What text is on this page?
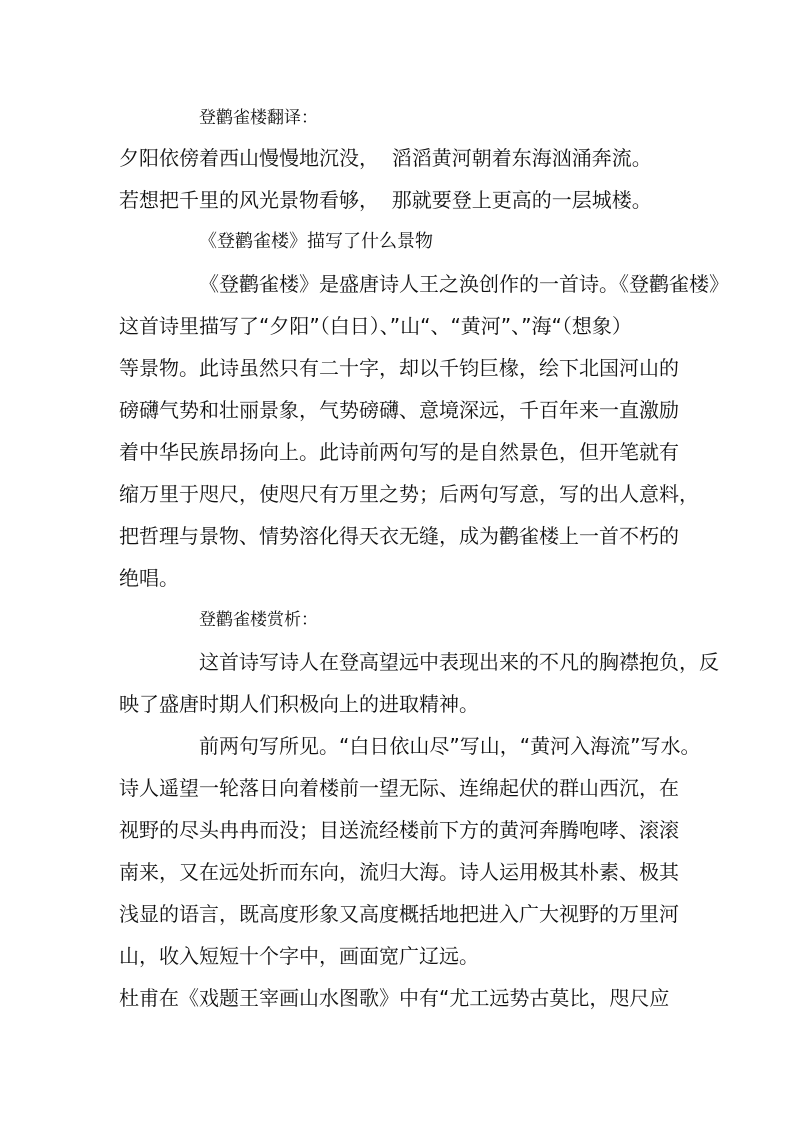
登鹳雀楼翻译：

夕阳依傍着西山慢慢地沉没，  滔滔黄河朝着东海汹涌奔流。

若想把千里的风光景物看够，  那就要登上更高的一层城楼。

《登鹳雀楼》描写了什么景物

《登鹳雀楼》是盛唐诗人王之涣创作的一首诗。《登鹳雀楼》

这首诗里描写了“夕阳”（白日）、”山“、“黄河”、”海“（想象）

等景物。此诗虽然只有二十字，却以千钧巨椽，绘下北国河山的

磅礴气势和壮丽景象，气势磅礴、意境深远，千百年来一直激励

着中华民族昂扬向上。此诗前两句写的是自然景色，但开笔就有

缩万里于咫尺，使咫尺有万里之势；后两句写意，写的出人意料，

把哲理与景物、情势溶化得天衣无缝，成为鹳雀楼上一首不朽的

绝唱。

登鹳雀楼赏析：

这首诗写诗人在登高望远中表现出来的不凡的胸襟抱负，反

映了盛唐时期人们积极向上的进取精神。

前两句写所见。“白日依山尽”写山，“黄河入海流”写水。

诗人遥望一轮落日向着楼前一望无际、连绵起伏的群山西沉，在

视野的尽头冉冉而没；目送流经楼前下方的黄河奔腾咆哮、滚滚

南来，又在远处折而东向，流归大海。诗人运用极其朴素、极其

浅显的语言，既高度形象又高度概括地把进入广大视野的万里河

山，收入短短十个字中，画面宽广辽远。

杜甫在《戏题王宰画山水图歌》中有“尤工远势古莫比，咫尺应
